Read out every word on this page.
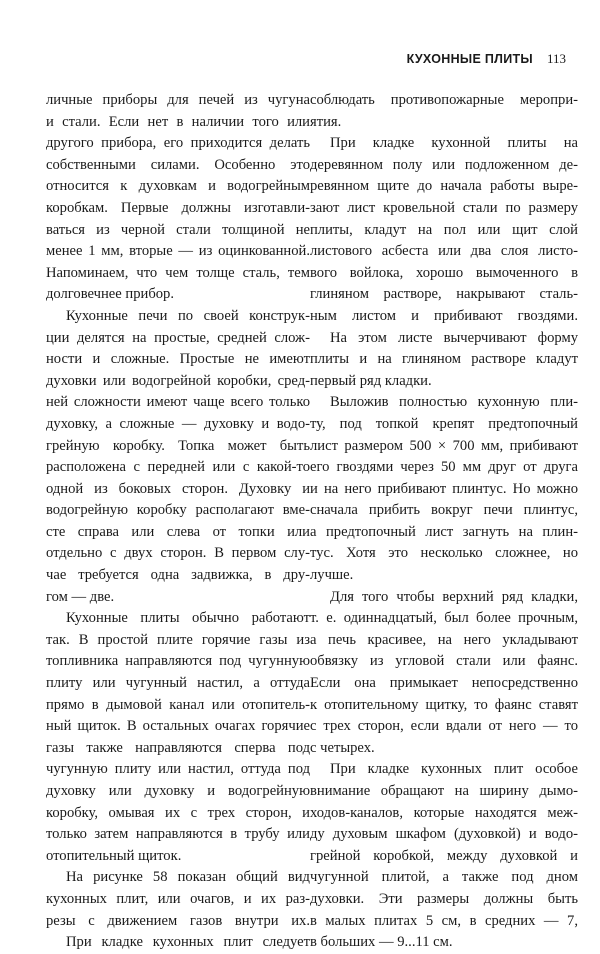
КУХОННЫЕ ПЛИТЫ 113
личные приборы для печей из чугуна
и стали. Если нет в наличии того или
другого прибора, его приходится делать
собственными силами. Особенно это
относится к духовкам и водогрейным
коробкам. Первые должны изготавли-
ваться из черной стали толщиной не
менее 1 мм, вторые — из оцинкованной.
Напоминаем, что чем толще сталь, тем
долговечнее прибор.
Кухонные печи по своей конструк-
ции делятся на простые, средней слож-
ности и сложные. Простые не имеют
духовки или водогрейной коробки, сред-
ней сложности имеют чаще всего только
духовку, а сложные — духовку и водо-
грейную коробку. Топка может быть
расположена с передней или с какой-то
одной из боковых сторон. Духовку и
водогрейную коробку располагают вме-
сте справа или слева от топки или
отдельно с двух сторон. В первом слу-
чае требуется одна задвижка, в дру-
гом — две.
Кухонные плиты обычно работают
так. В простой плите горячие газы из
топливника направляются под чугунную
плиту или чугунный настил, а оттуда
прямо в дымовой канал или отопитель-
ный щиток. В остальных очагах горячие
газы также направляются сперва под
чугунную плиту или настил, оттуда под
духовку или духовку и водогрейную
коробку, омывая их с трех сторон, и
только затем направляются в трубу или
отопительный щиток.
На рисунке 58 показан общий вид
кухонных плит, или очагов, и их раз-
резы с движением газов внутри их.
При кладке кухонных плит следует
соблюдать противопожарные меропри-
ятия.
При кладке кухонной плиты на
деревянном полу или подложенном де-
ревянном щите до начала работы выре-
зают лист кровельной стали по размеру
плиты, кладут на пол или щит слой
листового асбеста или два слоя листо-
вого войлока, хорошо вымоченного в
глиняном растворе, накрывают сталь-
ным листом и прибивают гвоздями.
На этом листе вычерчивают форму
плиты и на глиняном растворе кладут
первый ряд кладки.
Выложив полностью кухонную пли-
ту, под топкой крепят предтопочный
лист размером 500 × 700 мм, прибивают
его гвоздями через 50 мм друг от друга
и на него прибивают плинтус. Но можно
сначала прибить вокруг печи плинтус,
а предтопочный лист загнуть на плин-
тус. Хотя это несколько сложнее, но
лучше.
Для того чтобы верхний ряд кладки,
т. е. одиннадцатый, был более прочным,
а печь красивее, на него укладывают
обвязку из угловой стали или фаянс.
Если она примыкает непосредственно
к отопительному щитку, то фаянс ставят
с трех сторон, если вдали от него — то
с четырех.
При кладке кухонных плит особое
внимание обращают на ширину дымо-
ходов-каналов, которые находятся меж-
ду духовым шкафом (духовкой) и водо-
грейной коробкой, между духовкой и
чугунной плитой, а также под дном
духовки. Эти размеры должны быть
в малых плитах 5 см, в средних — 7,
в больших — 9...11 см.
